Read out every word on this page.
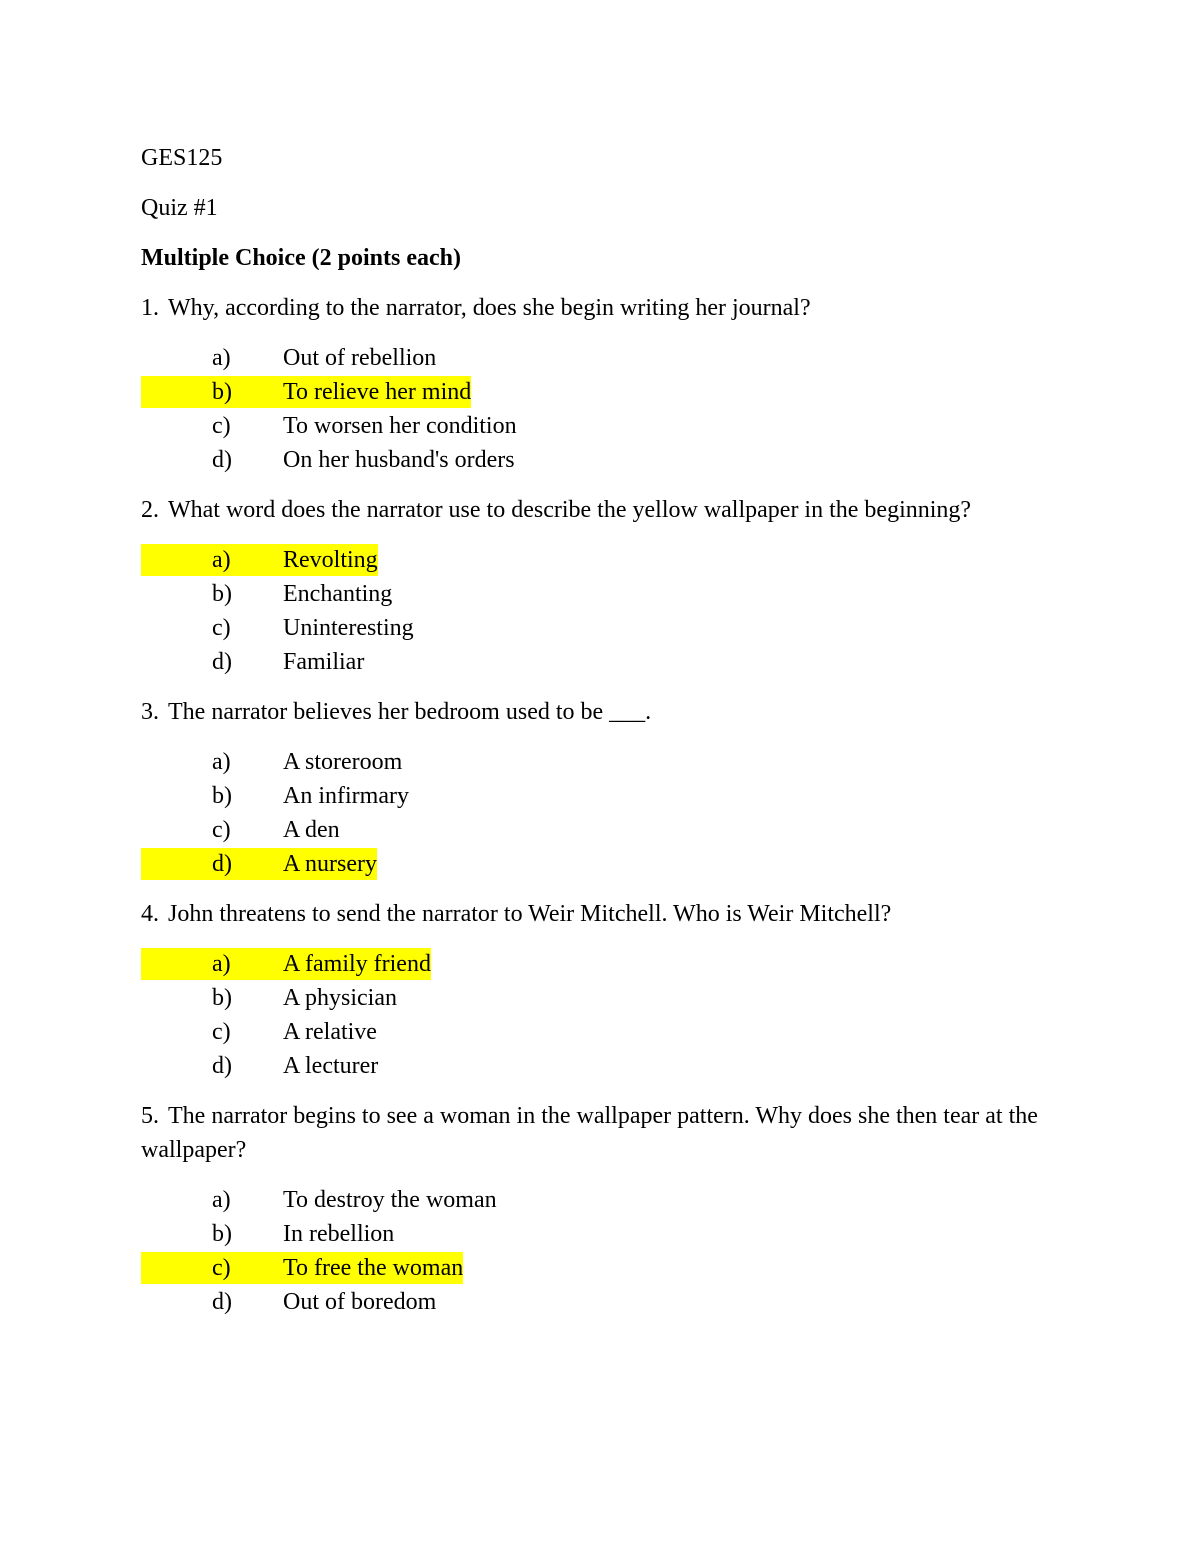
GES125
Quiz #1
Multiple Choice (2 points each)
1. Why, according to the narrator, does she begin writing her journal?
a)	Out of rebellion
b)	To relieve her mind
c)	To worsen her condition
d)	On her husband's orders
2. What word does the narrator use to describe the yellow wallpaper in the beginning?
a)	Revolting
b)	Enchanting
c)	Uninteresting
d)	Familiar
3. The narrator believes her bedroom used to be ___.
a)	A storeroom
b)	An infirmary
c)	A den
d)	A nursery
4. John threatens to send the narrator to Weir Mitchell. Who is Weir Mitchell?
a)	A family friend
b)	A physician
c)	A relative
d)	A lecturer
5. The narrator begins to see a woman in the wallpaper pattern. Why does she then tear at the wallpaper?
a)	To destroy the woman
b)	In rebellion
c)	To free the woman
d)	Out of boredom
